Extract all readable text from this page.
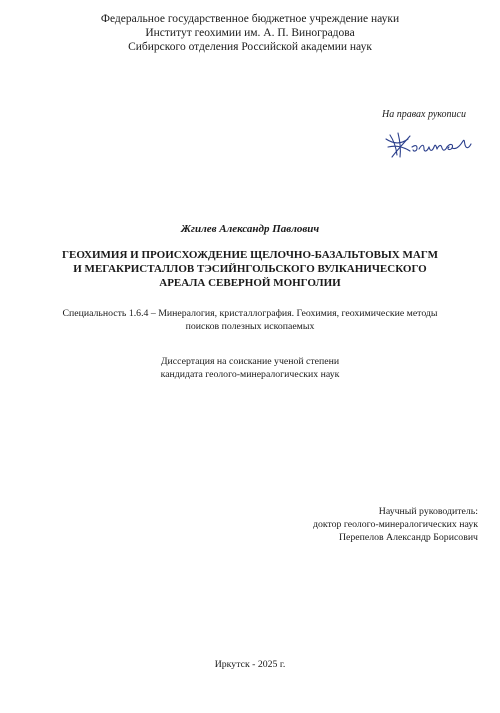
Федеральное государственное бюджетное учреждение науки
Институт геохимии им. А. П. Виноградова
Сибирского отделения Российской академии наук
На правах рукописи
Жгилев Александр Павлович
ГЕОХИМИЯ И ПРОИСХОЖДЕНИЕ ЩЕЛОЧНО-БАЗАЛЬТОВЫХ МАГМ
И МЕГАКРИСТАЛЛОВ ТЭСИЙНГОЛЬСКОГО ВУЛКАНИЧЕСКОГО
АРЕАЛА СЕВЕРНОЙ МОНГОЛИИ
Специальность 1.6.4 – Минералогия, кристаллография. Геохимия, геохимические методы
поисков полезных ископаемых
Диссертация на соискание ученой степени
кандидата геолого-минералогических наук
Научный руководитель:
доктор геолого-минералогических наук
Перепелов Александр Борисович
Иркутск - 2025 г.
